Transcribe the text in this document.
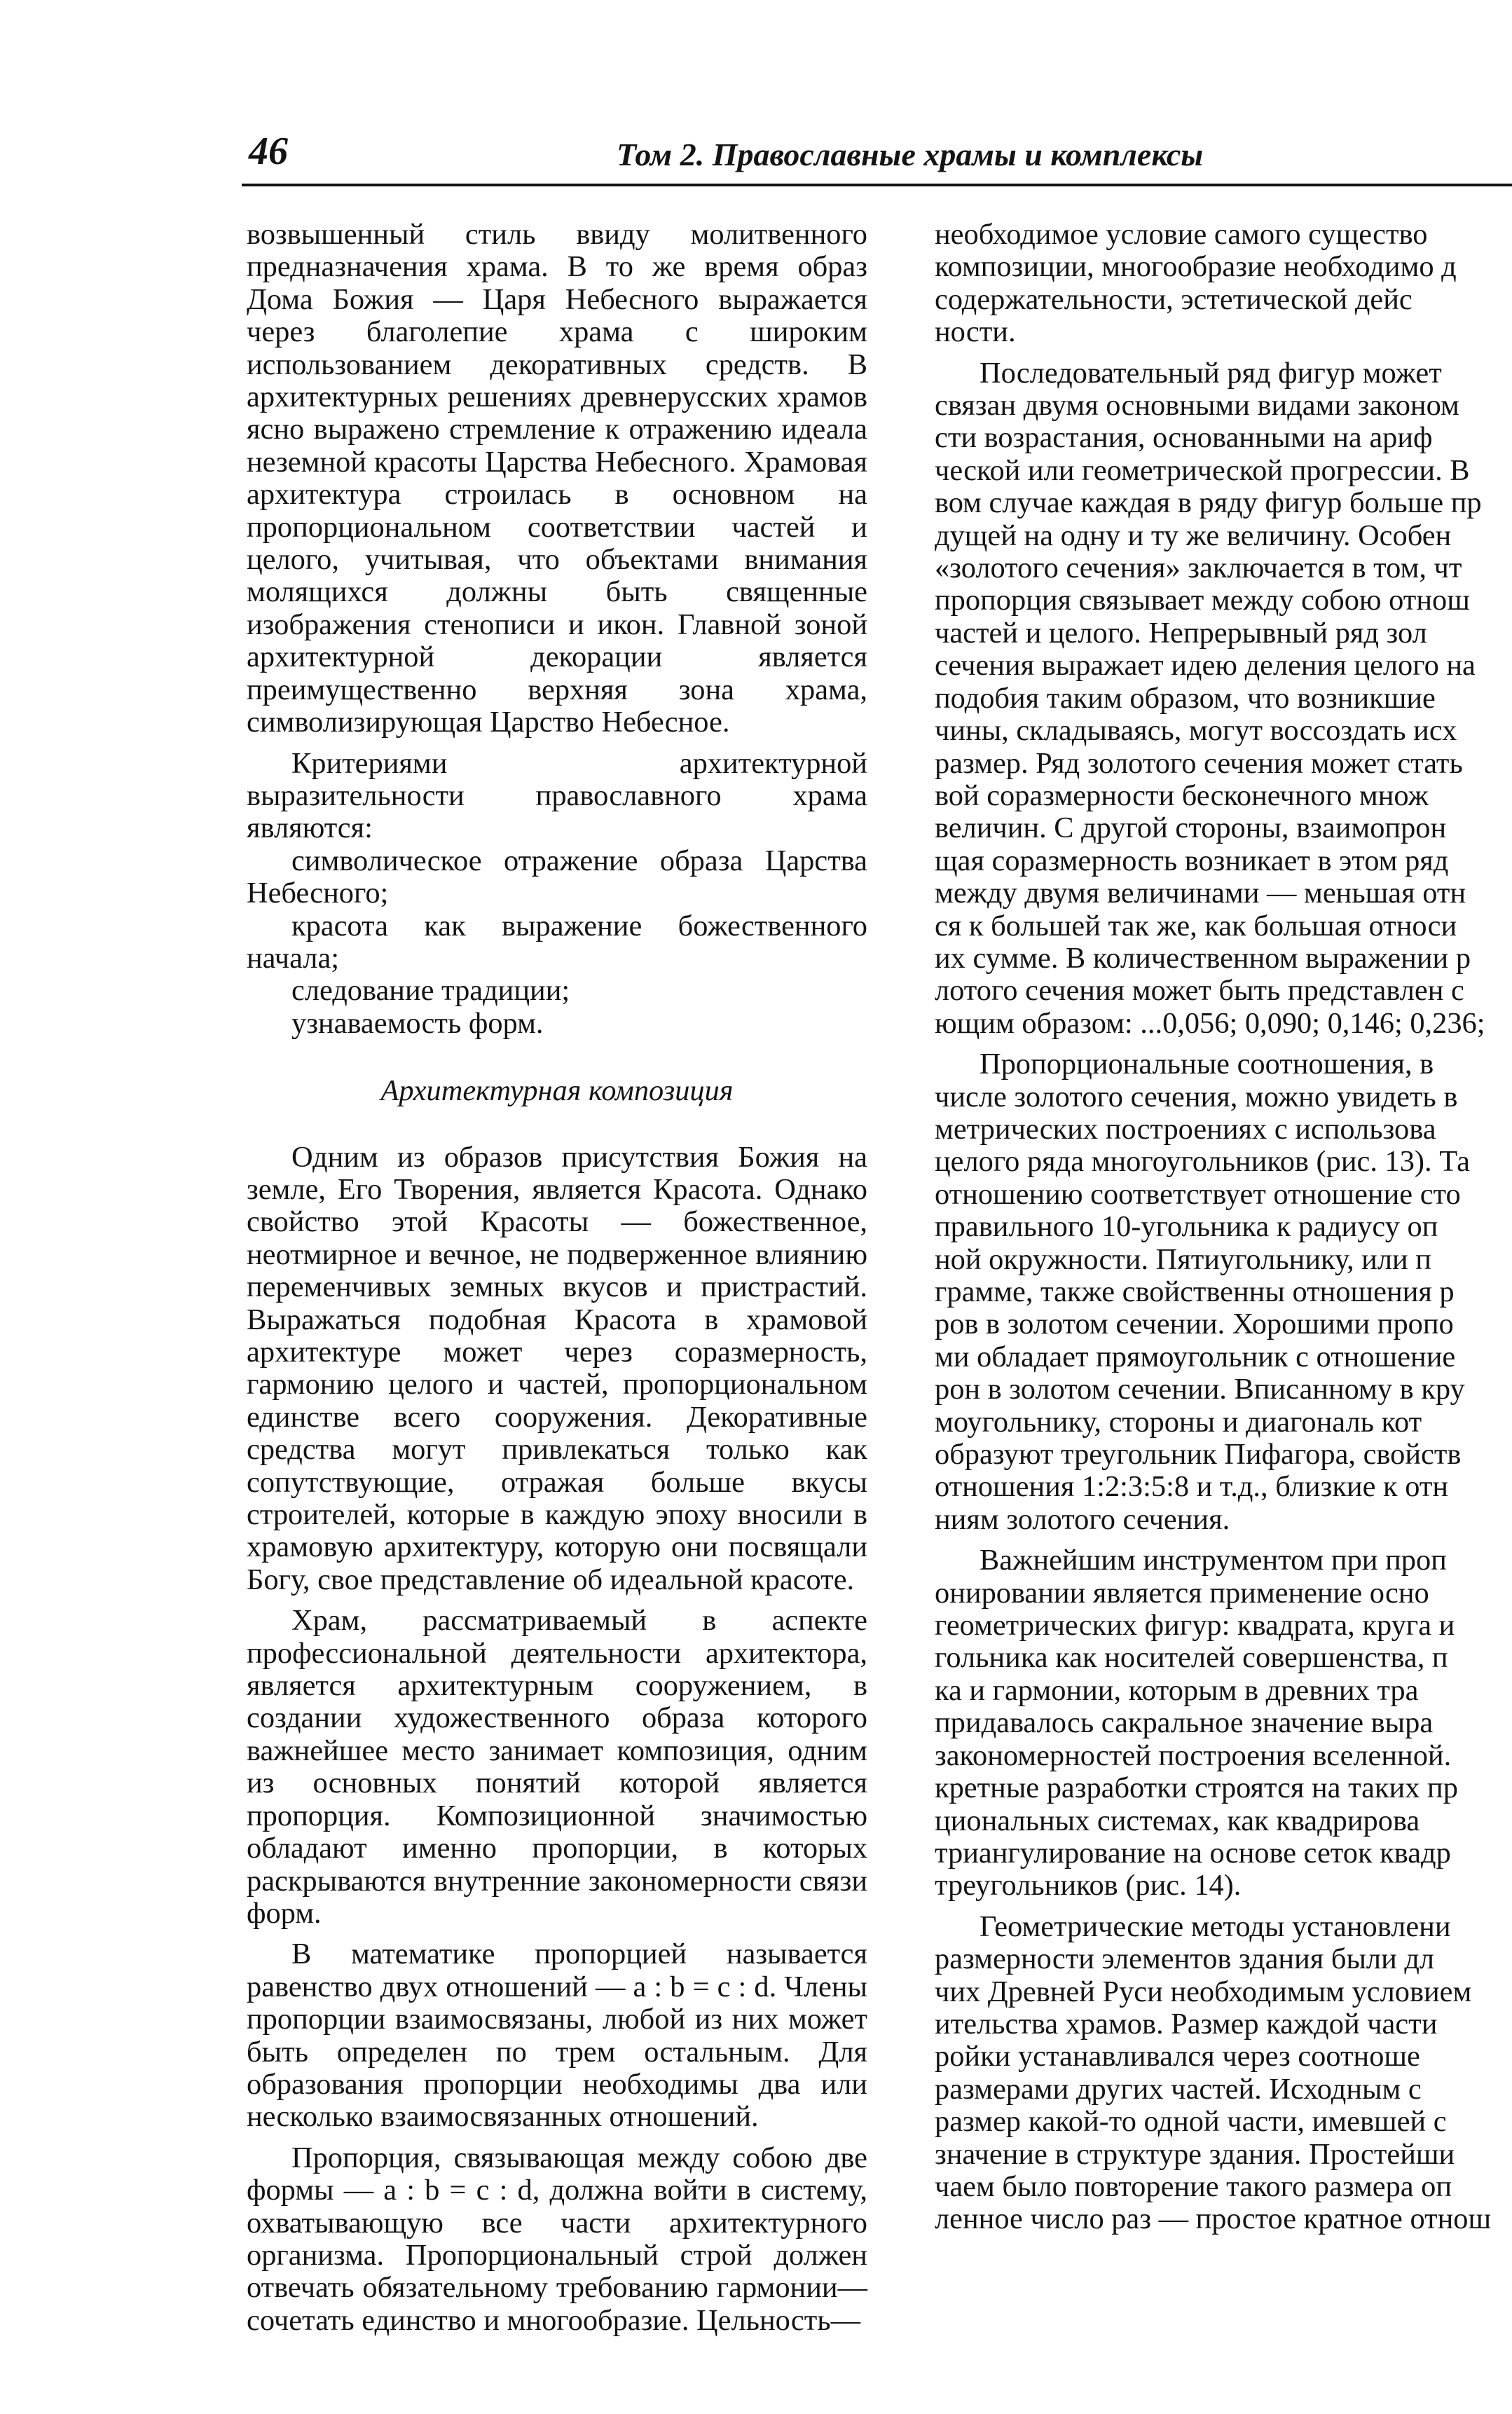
46	Том 2. Православные храмы и комплексы

возвышенный стиль ввиду молитвенного предназначения храма. В то же время образ Дома Божия — Царя Небесного выражается через благолепие храма с широким использованием декоративных средств. В архитектурных решениях древнерусских храмов ясно выражено стремление к отражению идеала неземной красоты Царства Небесного. Храмовая архитектура строилась в основном на пропорциональном соответствии частей и целого, учитывая, что объектами внимания молящихся должны быть священные изображения стенописи и икон. Главной зоной архитектурной декорации является преимущественно верхняя зона храма, символизирующая Царство Небесное.

Критериями архитектурной выразительности православного храма являются:

символическое отражение образа Царства Небесного;

красота как выражение божественного начала;

следование традиции;

узнаваемость форм.

Архитектурная композиция

Одним из образов присутствия Божия на земле, Его Творения, является Красота. Однако свойство этой Красоты — божественное, неотмирное и вечное, не подверженное влиянию переменчивых земных вкусов и пристрастий. Выражаться подобная Красота в храмовой архитектуре может через соразмерность, гармонию целого и частей, пропорциональном единстве всего сооружения. Декоративные средства могут привлекаться только как сопутствующие, отражая больше вкусы строителей, которые в каждую эпоху вносили в храмовую архитектуру, которую они посвящали Богу, свое представление об идеальной красоте.

Храм, рассматриваемый в аспекте профессиональной деятельности архитектора, является архитектурным сооружением, в создании художественного образа которого важнейшее место занимает композиция, одним из основных понятий которой является пропорция. Композиционной значимостью обладают именно пропорции, в которых раскрываются внутренние закономерности связи форм.

В математике пропорцией называется равенство двух отношений — a : b = c : d. Члены пропорции взаимосвязаны, любой из них может быть определен по трем остальным. Для образования пропорции необходимы два или несколько взаимосвязанных отношений.

Пропорция, связывающая между собою две формы — a : b = c : d, должна войти в систему, охватывающую все части архитектурного организма. Пропорциональный строй должен отвечать обязательному требованию гармонии— сочетать единство и многообразие. Цельность—

необходимое условие самого существо

композиции, многообразие необходимо д

содержательности, эстетической дейс

ности.

Последовательный ряд фигур может

связан двумя основными видами законом

сти возрастания, основанными на ариф

ческой или геометрической прогрессии. В

вом случае каждая в ряду фигур больше пр

дущей на одну и ту же величину. Особен

«золотого сечения» заключается в том, чт

пропорция связывает между собою отнош

частей и целого. Непрерывный ряд зол

сечения выражает идею деления целого на

подобия таким образом, что возникшие

чины, складываясь, могут воссоздать исх

размер. Ряд золотого сечения может стать

вой соразмерности бесконечного множ

величин. С другой стороны, взаимопрон

щая соразмерность возникает в этом ряд

между двумя величинами — меньшая отн

ся к большей так же, как большая относи

их сумме. В количественном выражении р

лотого сечения может быть представлен с

ющим образом: ...0,056; 0,090; 0,146; 0,236;

Пропорциональные соотношения, в

числе золотого сечения, можно увидеть в

метрических построениях с использова

целого ряда многоугольников (рис. 13). Та

отношению соответствует отношение сто

правильного 10-угольника к радиусу оп

ной окружности. Пятиугольнику, или п

грамме, также свойственны отношения р

ров в золотом сечении. Хорошими пропо

ми обладает прямоугольник с отношение

рон в золотом сечении. Вписанному в кру

моугольнику, стороны и диагональ кот

образуют треугольник Пифагора, свойств

отношения 1:2:3:5:8 и т.д., близкие к отн

ниям золотого сечения.

Важнейшим инструментом при проп

онировании является применение осно

геометрических фигур: квадрата, круга и

гольника как носителей совершенства, п

ка и гармонии, которым в древних тра

придавалось сакральное значение выра

закономерностей построения вселенной.

кретные разработки строятся на таких пр

циональных системах, как квадрирова

триангулирование на основе сеток квадр

треугольников (рис. 14).

Геометрические методы установлени

размерности элементов здания были дл

чих Древней Руси необходимым условием

ительства храмов. Размер каждой части

ройки устанавливался через соотноше

размерами других частей. Исходным с

размер какой-то одной части, имевшей с

значение в структуре здания. Простейши

чаем было повторение такого размера оп

ленное число раз — простое кратное отнош
